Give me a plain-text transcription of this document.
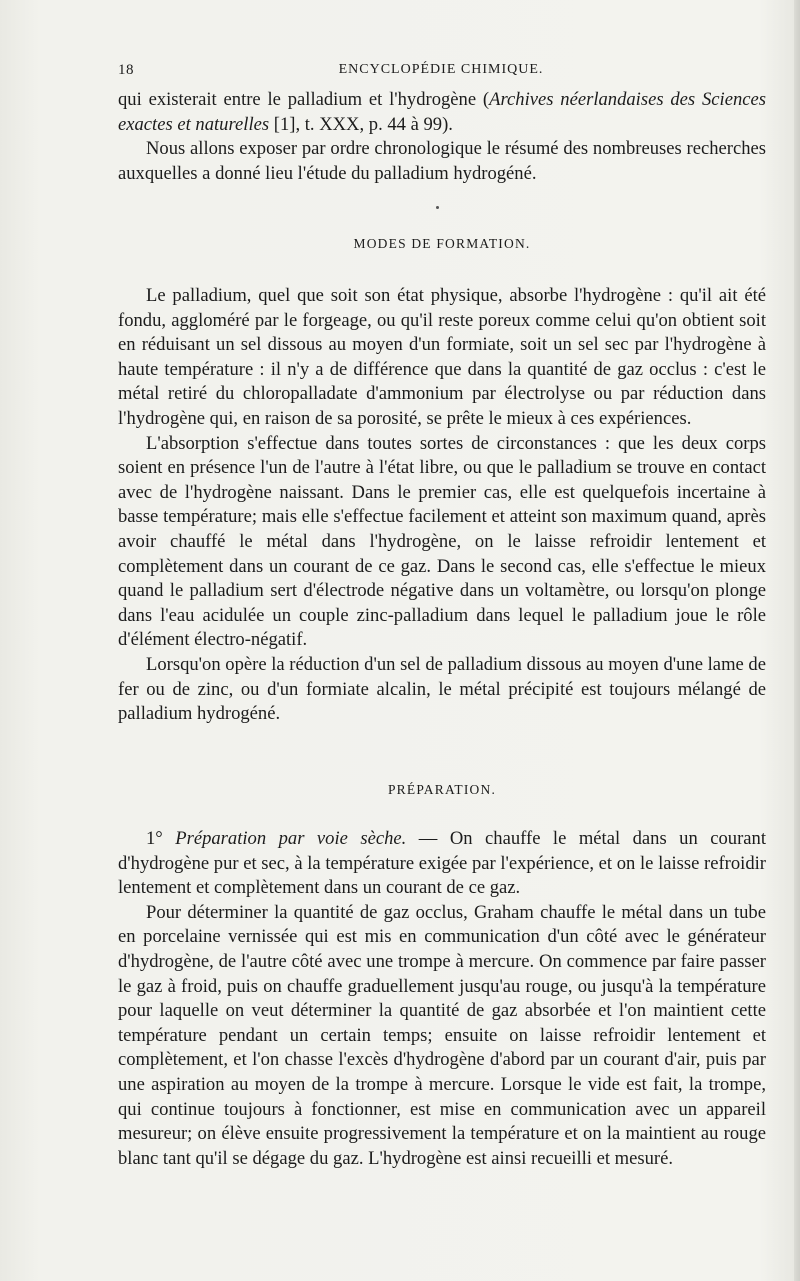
18	ENCYCLOPÉDIE CHIMIQUE.

qui existerait entre le palladium et l'hydrogène (Archives néerlandaises des Sciences exactes et naturelles [1], t. XXX, p. 44 à 99).

Nous allons exposer par ordre chronologique le résumé des nombreuses recherches auxquelles a donné lieu l'étude du palladium hydrogéné.

MODES DE FORMATION.

Le palladium, quel que soit son état physique, absorbe l'hydrogène : qu'il ait été fondu, aggloméré par le forgeage, ou qu'il reste poreux comme celui qu'on obtient soit en réduisant un sel dissous au moyen d'un formiate, soit un sel sec par l'hydrogène à haute température : il n'y a de différence que dans la quantité de gaz occlus : c'est le métal retiré du chloropalladate d'ammonium par électrolyse ou par réduction dans l'hydrogène qui, en raison de sa porosité, se prête le mieux à ces expériences.

L'absorption s'effectue dans toutes sortes de circonstances : que les deux corps soient en présence l'un de l'autre à l'état libre, ou que le palladium se trouve en contact avec de l'hydrogène naissant. Dans le premier cas, elle est quelquefois incertaine à basse température; mais elle s'effectue facilement et atteint son maximum quand, après avoir chauffé le métal dans l'hydrogène, on le laisse refroidir lentement et complètement dans un courant de ce gaz. Dans le second cas, elle s'effectue le mieux quand le palladium sert d'électrode négative dans un voltamètre, ou lorsqu'on plonge dans l'eau acidulée un couple zinc-palladium dans lequel le palladium joue le rôle d'élément électro-négatif.

Lorsqu'on opère la réduction d'un sel de palladium dissous au moyen d'une lame de fer ou de zinc, ou d'un formiate alcalin, le métal précipité est toujours mélangé de palladium hydrogéné.

PRÉPARATION.

1° Préparation par voie sèche. — On chauffe le métal dans un courant d'hydrogène pur et sec, à la température exigée par l'expérience, et on le laisse refroidir lentement et complètement dans un courant de ce gaz.

Pour déterminer la quantité de gaz occlus, Graham chauffe le métal dans un tube en porcelaine vernissée qui est mis en communication d'un côté avec le générateur d'hydrogène, de l'autre côté avec une trompe à mercure. On commence par faire passer le gaz à froid, puis on chauffe graduellement jusqu'au rouge, ou jusqu'à la température pour laquelle on veut déterminer la quantité de gaz absorbée et l'on maintient cette température pendant un certain temps; ensuite on laisse refroidir lentement et complètement, et l'on chasse l'excès d'hydrogène d'abord par un courant d'air, puis par une aspiration au moyen de la trompe à mercure. Lorsque le vide est fait, la trompe, qui continue toujours à fonctionner, est mise en communication avec un appareil mesureur; on élève ensuite progressivement la température et on la maintient au rouge blanc tant qu'il se dégage du gaz. L'hydrogène est ainsi recueilli et mesuré.
